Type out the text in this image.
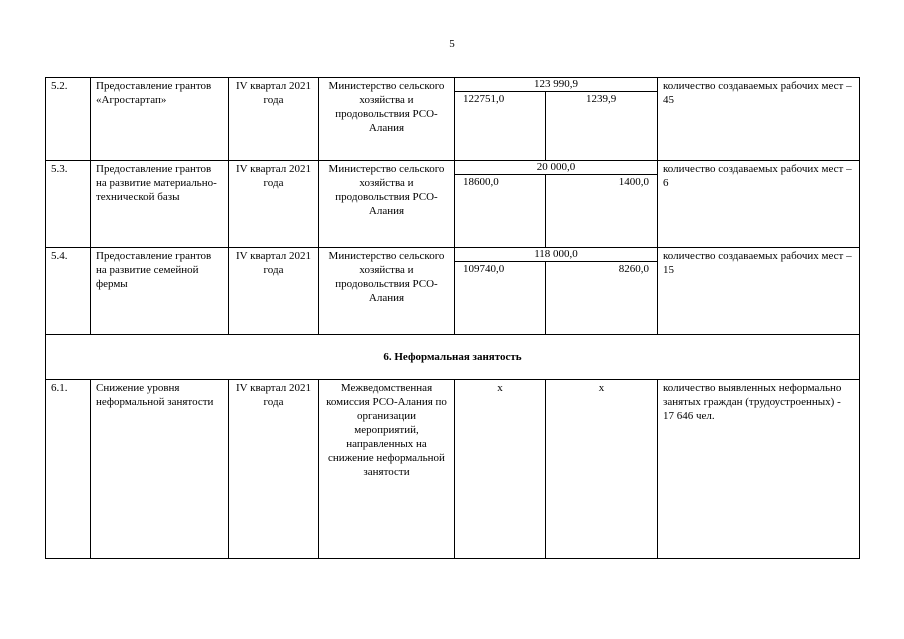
5
5.2.	Предоставление грантов «Агростартап»	IV квартал 2021 года	Министерство сельского хозяйства и продовольствия РСО-Алания	123 990,9		количество создаваемых рабочих мест – 45
				122751,0	1239,9	
5.3.	Предоставление грантов на развитие материально-технической базы	IV квартал 2021 года	Министерство сельского хозяйства и продовольствия РСО-Алания	20 000,0		количество создаваемых рабочих мест – 6
				18600,0	1400,0	
5.4.	Предоставление грантов на развитие семейной фермы	IV квартал 2021 года	Министерство сельского хозяйства и продовольствия РСО-Алания	118 000,0		количество создаваемых рабочих мест – 15
				109740,0	8260,0	
6. Неформальная занятость						
6.1.	Снижение уровня неформальной занятости	IV квартал 2021 года	Межведомственная комиссия РСО-Алания по организации мероприятий, направленных на снижение неформальной занятости	х	х	количество выявленных неформально занятых граждан (трудоустроенных) - 17 646 чел.
